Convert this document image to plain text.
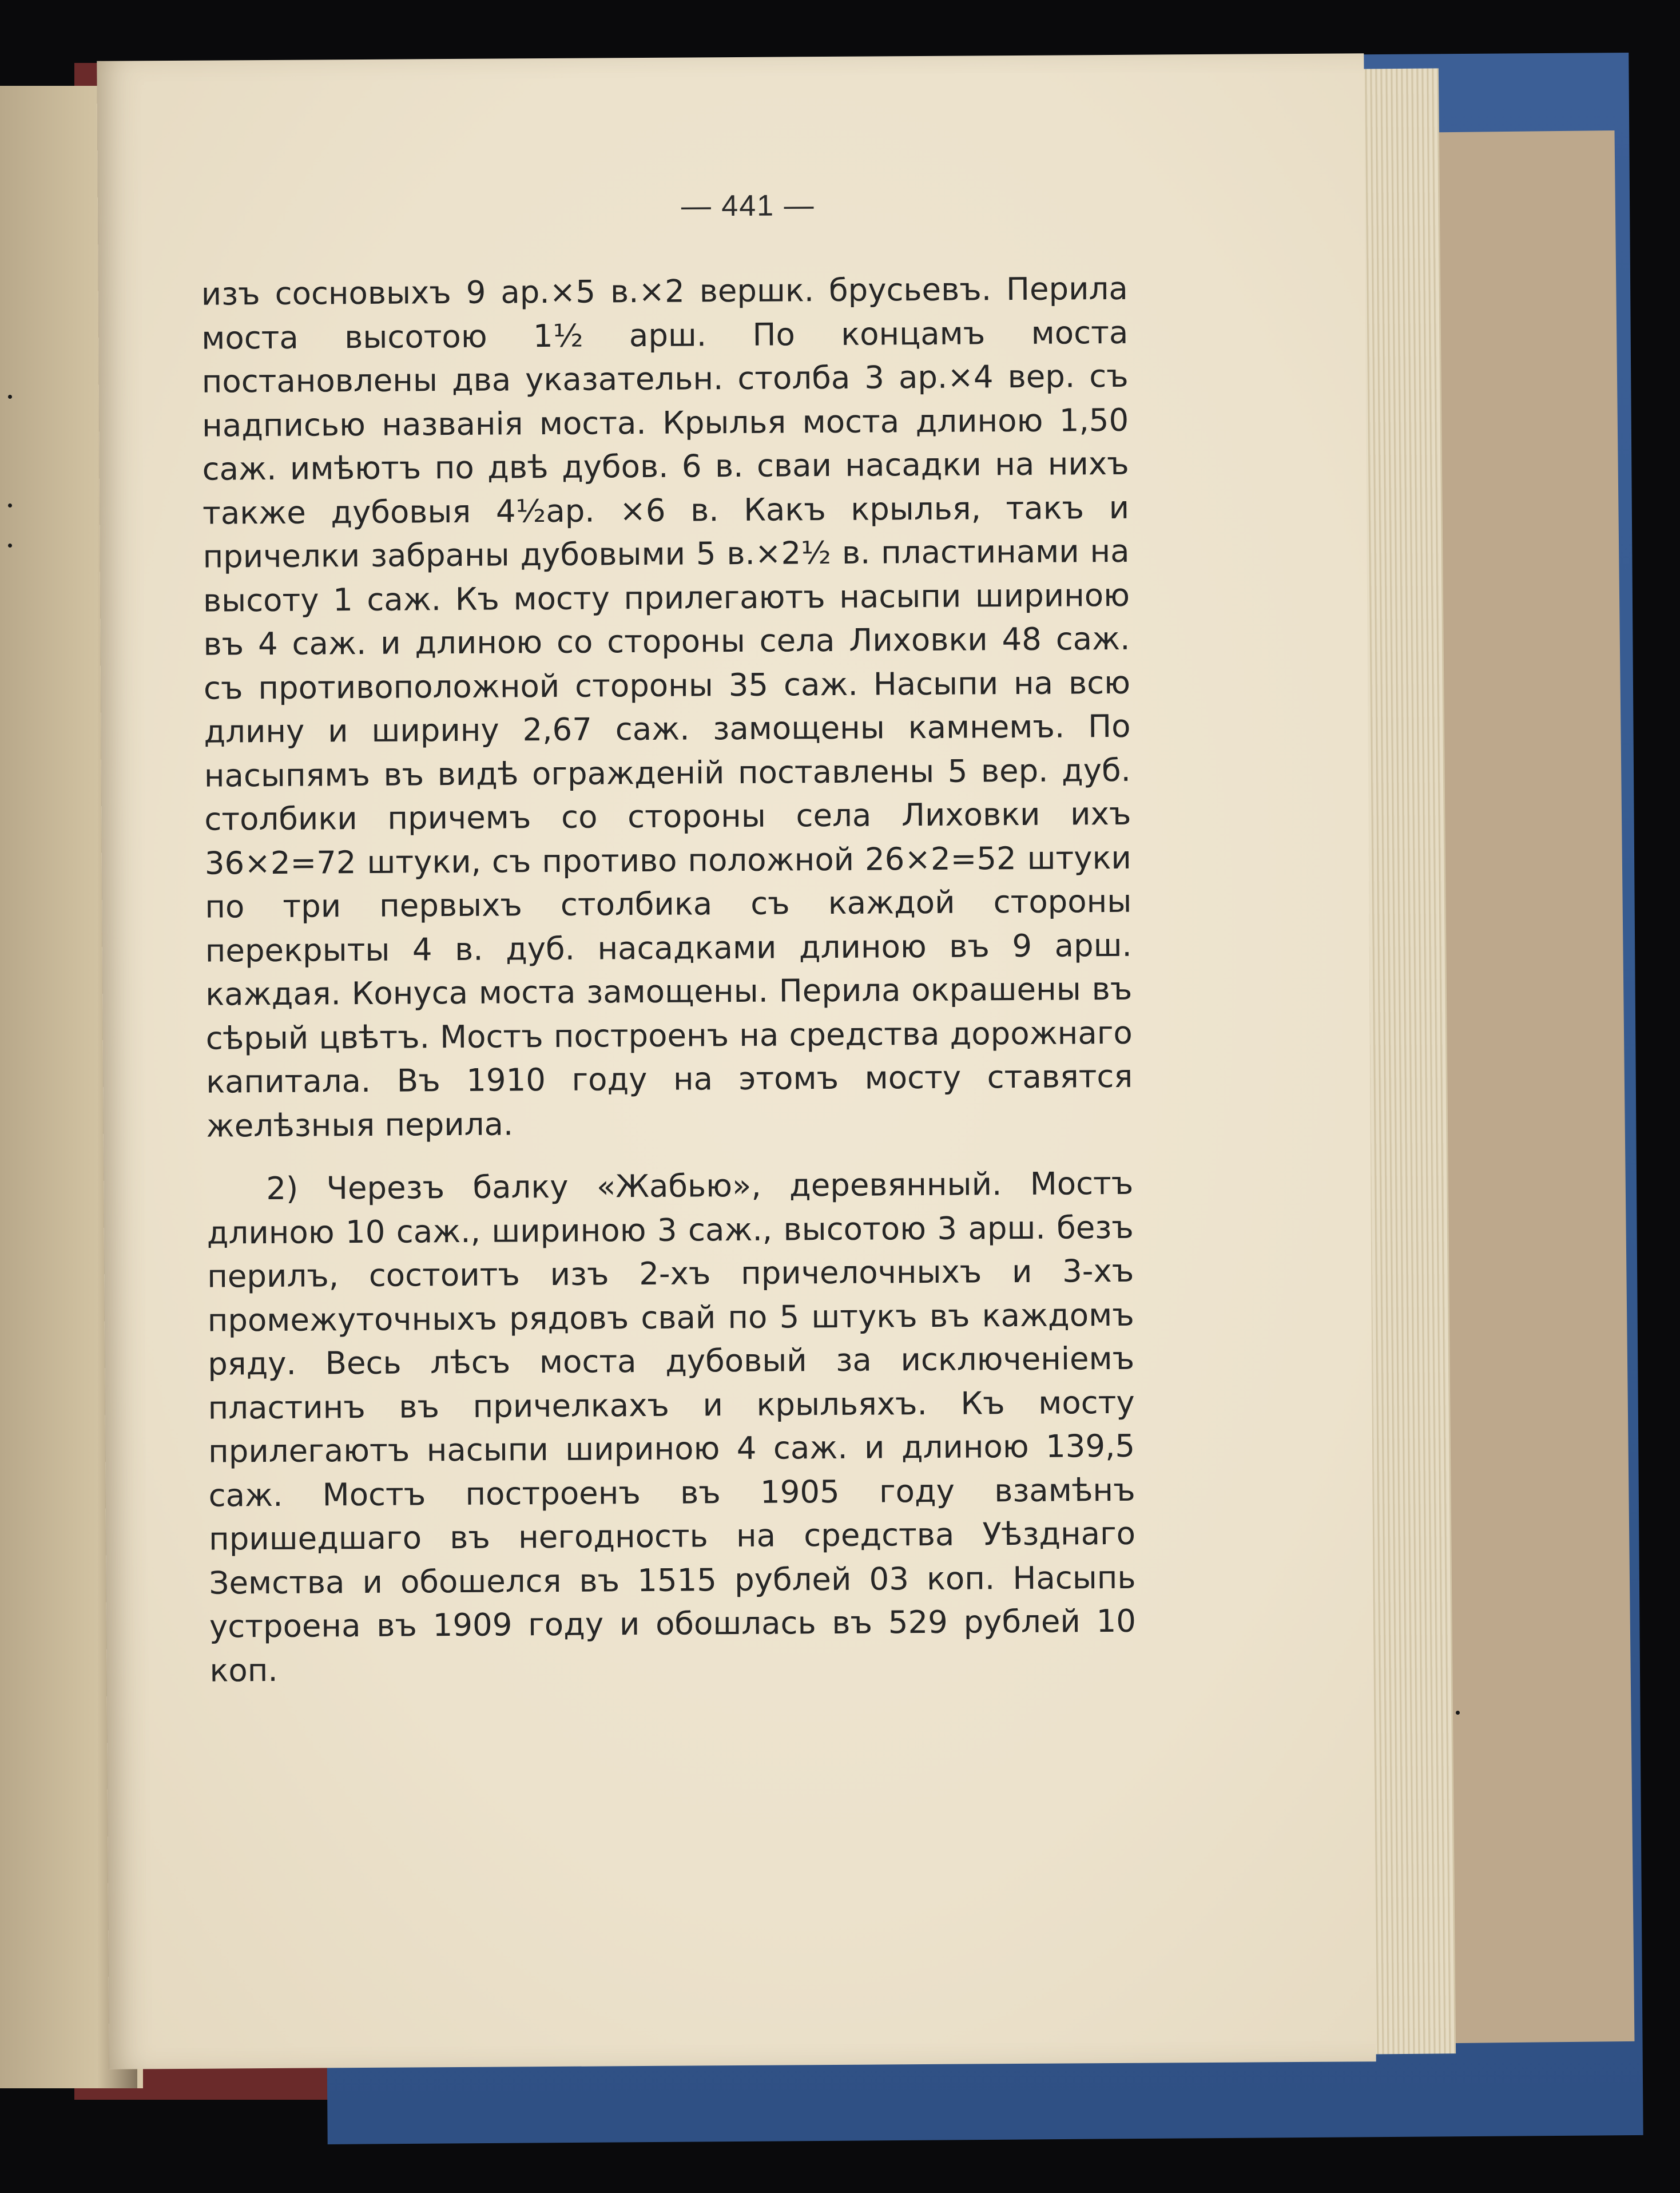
— 441 —

изъ сосновыхъ 9 ар.×5 в.×2 вершк. брусьевъ. Перила моста высотою 1½ арш. По концамъ моста постановлены два указательн. столба 3 ар.×4 вер. съ надписью названія моста. Крылья моста длиною 1,50 саж. имѣютъ по двѣ дубов. 6 в. сваи насадки на нихъ также дубовыя 4½ар. ×6 в. Какъ крылья, такъ и причелки забраны дубовыми 5 в.×2½ в. пластинами на высоту 1 саж. Къ мосту прилегаютъ насыпи шириною въ 4 саж. и длиною со стороны села Лиховки 48 саж. съ противоположной стороны 35 саж. Насыпи на всю длину и ширину 2,67 саж. замощены камнемъ. По насыпямъ въ видѣ огражденій поставлены 5 вер. дуб. столбики причемъ со стороны села Лиховки ихъ 36×2=72 штуки, съ противо положной 26×2=52 штуки по три первыхъ столбика съ каждой стороны перекрыты 4 в. дуб. насадками длиною въ 9 арш. каждая. Конуса моста замощены. Перила окрашены въ сѣрый цвѣтъ. Мостъ построенъ на средства дорожнаго капитала. Въ 1910 году на этомъ мосту ставятся желѣзныя перила.

2) Черезъ балку «Жабью», деревянный. Мостъ длиною 10 саж., шириною 3 саж., высотою 3 арш. безъ перилъ, состоитъ изъ 2-хъ причелочныхъ и 3-хъ промежуточныхъ рядовъ свай по 5 штукъ въ каждомъ ряду. Весь лѣсъ моста дубовый за исключеніемъ пластинъ въ причелкахъ и крыльяхъ. Къ мосту прилегаютъ насыпи шириною 4 саж. и длиною 139,5 саж. Мостъ построенъ въ 1905 году взамѣнъ пришедшаго въ негодность на средства Уѣзднаго Земства и обошелся въ 1515 рублей 03 коп. Насыпь устроена въ 1909 году и обошлась въ 529 рублей 10 коп.
